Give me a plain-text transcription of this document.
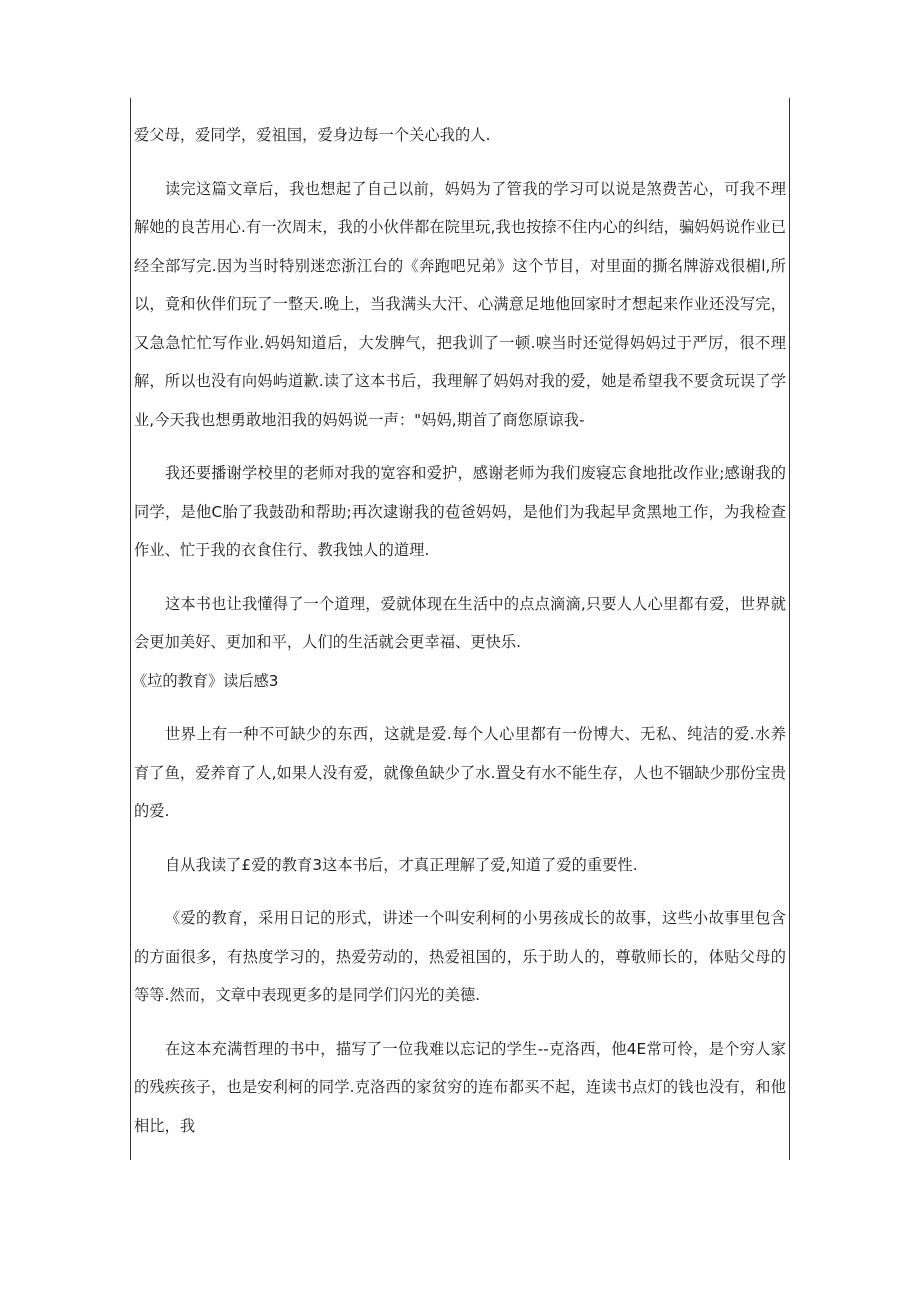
爱父母，爱同学，爱祖国，爱身边每一个关心我的人.

读完这篇文章后，我也想起了自己以前，妈妈为了管我的学习可以说是煞费苦心，可我不理解她的良苦用心.有一次周末，我的小伙伴都在院里玩,我也按捺不住内心的纠结，骗妈妈说作业已经全部写完.因为当时特别迷恋浙江台的《奔跑吧兄弟》这个节目，对里面的撕名牌游戏很楣l,所以，竟和伙伴们玩了一整天.晚上，当我满头大汗、心满意足地他回家时才想起来作业还没写完，又急急忙忙写作业.妈妈知道后，大发脾气，把我训了一顿.唳当时还觉得妈妈过于严厉，很不理解，所以也没有向妈屿道歉.读了这本书后，我理解了妈妈对我的爱，她是希望我不要贪玩误了学业,今天我也想勇敢地汨我的妈妈说一声："妈妈,期首了商您原谅我-

我还要播谢学校里的老师对我的宽容和爱护，感谢老师为我们废寝忘食地批改作业;感谢我的同学，是他C胎了我鼓劭和帮助;再次逮谢我的苞爸妈妈，是他们为我起早贪黑地工作，为我检查作业、忙于我的衣食住行、教我蚀人的道理.

这本书也让我懂得了一个道理，爱就体现在生活中的点点滴滴,只要人人心里都有爱，世界就会更加美好、更加和平，人们的生活就会更幸福、更快乐.

《垃的教育》读后感3

世界上有一种不可缺少的东西，这就是爱.每个人心里都有一份博大、无私、纯洁的爱.水养育了鱼，爱养育了人,如果人没有爱，就像鱼缺少了水.置殳有水不能生存，人也不锢缺少那份宝贵的爱.

自从我读了£爱的教育3这本书后，才真正理解了爱,知道了爱的重要性.

《爱的教育，采用日记的形式，讲述一个叫安利柯的小男孩成长的故事，这些小故事里包含的方面很多，有热度学习的，热爱劳动的，热爱祖国的，乐于助人的，尊敬师长的，体贴父母的等等.然而，文章中表现更多的是同学们闪光的美德.

在这本充满哲理的书中，描写了一位我难以忘记的学生--克洛西，他4E常可怜，是个穷人家的残疾孩子，也是安利柯的同学.克洛西的家贫穷的连布都买不起，连读书点灯的钱也没有，和他相比，我
